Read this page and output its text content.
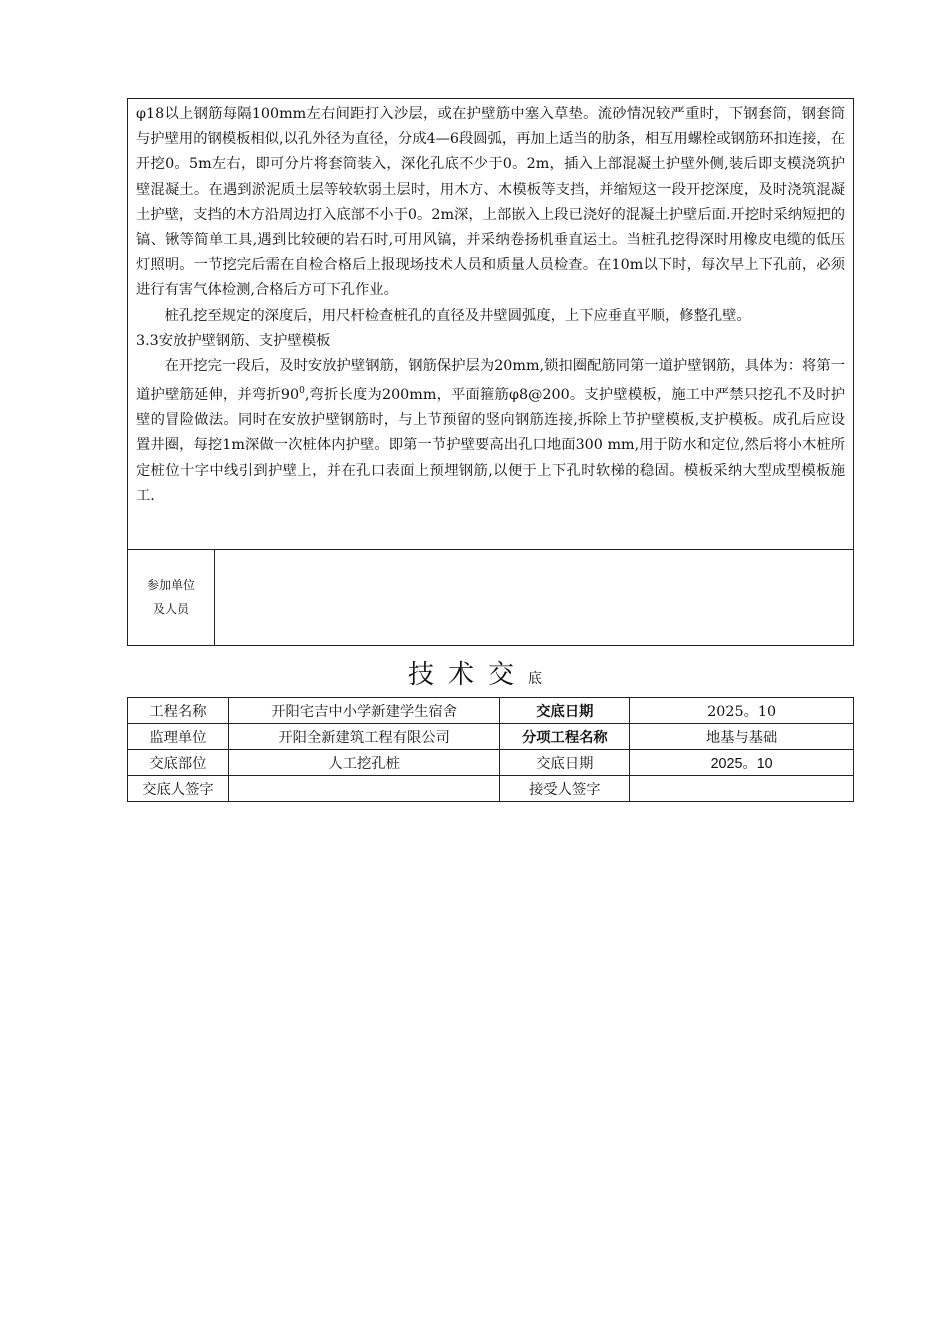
φ18以上钢筋每隔100mm左右间距打入沙层，或在护壁筋中塞入草垫。流砂情况较严重时，下钢套筒，钢套筒与护壁用的钢模板相似,以孔外径为直径，分成4—6段圆弧，再加上适当的肋条，相互用螺栓或钢筋环扣连接，在开挖0。5m左右，即可分片将套筒装入，深化孔底不少于0。2m，插入上部混凝土护壁外侧,装后即支模浇筑护壁混凝土。在遇到淤泥质土层等较软弱土层时，用木方、木模板等支挡，并缩短这一段开挖深度，及时浇筑混凝土护壁，支挡的木方沿周边打入底部不小于0。2m深，上部嵌入上段已浇好的混凝土护壁后面.开挖时采纳短把的镐、锹等简单工具,遇到比较硬的岩石时,可用风镐，并采纳卷扬机垂直运土。当桩孔挖得深时用橡皮电缆的低压灯照明。一节挖完后需在自检合格后上报现场技术人员和质量人员检查。在10m以下时，每次早上下孔前，必须进行有害气体检测,合格后方可下孔作业。

桩孔挖至规定的深度后，用尺杆检查桩孔的直径及井壁圆弧度，上下应垂直平顺，修整孔壁。

3.3安放护壁钢筋、支护壁模板

在开挖完一段后，及时安放护壁钢筋，钢筋保护层为20mm,锁扣圈配筋同第一道护壁钢筋，具体为：将第一道护壁筋延伸，并弯折$90^0$,弯折长度为200mm，平面箍筋φ8@200。支护壁模板，施工中严禁只挖孔不及时护壁的冒险做法。同时在安放护壁钢筋时，与上节预留的竖向钢筋连接,拆除上节护壁模板,支护模板。成孔后应设置井圈，每挖1m深做一次桩体内护壁。即第一节护壁要高出孔口地面300 mm,用于防水和定位,然后将小木桩所定桩位十字中线引到护壁上，并在孔口表面上预埋钢筋,以便于上下孔时软梯的稳固。模板采纳大型成型模板施工.

参加单位
及人员
技术交底
工程名称	开阳宅吉中小学新建学生宿舍	交底日期	2025。10
监理单位	开阳全新建筑工程有限公司	分项工程名称	地基与基础
交底部位	人工挖孔桩	交底日期	2025。10
交底人签字		接受人签字	
